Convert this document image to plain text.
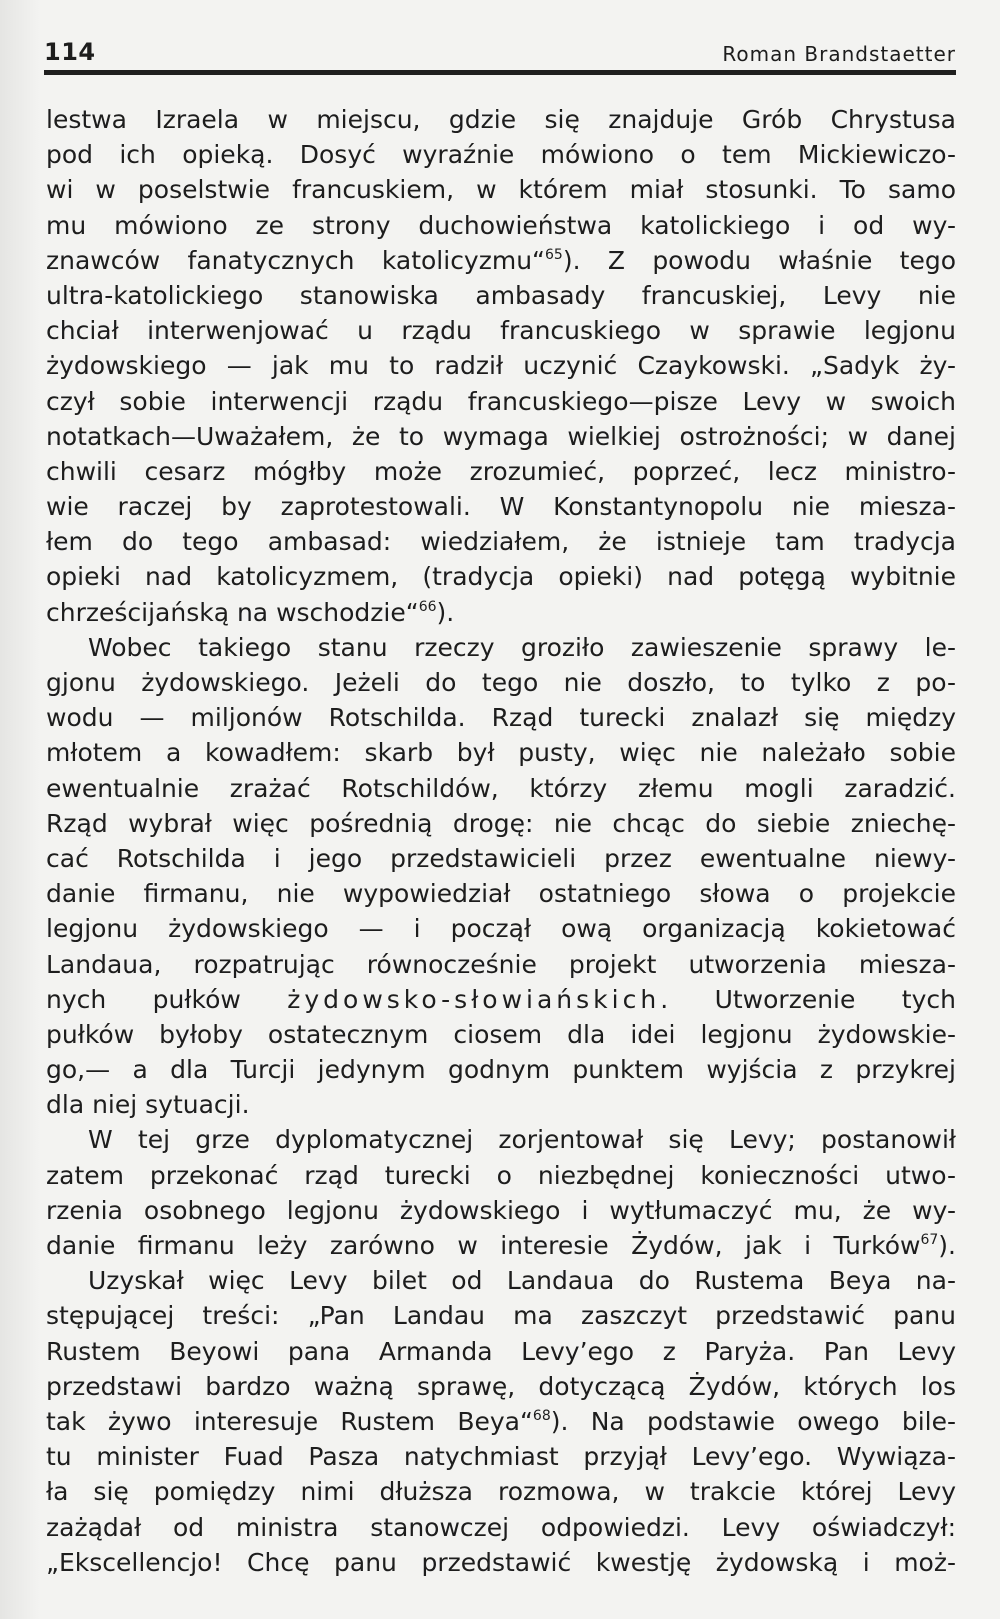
114	Roman Brandstaetter
lestwa Izraela w miejscu, gdzie się znajduje Grób Chrystusa
pod ich opieką. Dosyć wyraźnie mówiono o tem Mickiewiczo-
wi w poselstwie francuskiem, w którem miał stosunki. To samo
mu mówiono ze strony duchowieństwa katolickiego i od wy-
znawców fanatycznych katolicyzmu“$^{65}$). Z powodu właśnie tego
ultra-katolickiego stanowiska ambasady francuskiej, Levy nie
chciał interwenjować u rządu francuskiego w sprawie legjonu
żydowskiego — jak mu to radził uczynić Czaykowski. „Sadyk ży-
czył sobie interwencji rządu francuskiego—pisze Levy w swoich
notatkach—Uważałem, że to wymaga wielkiej ostrożności; w danej
chwili cesarz mógłby może zrozumieć, poprzeć, lecz ministro-
wie raczej by zaprotestowali. W Konstantynopolu nie miesza-
łem do tego ambasad: wiedziałem, że istnieje tam tradycja
opieki nad katolicyzmem, (tradycja opieki) nad potęgą wybitnie
chrześcijańską na wschodzie“$^{66}$).
Wobec takiego stanu rzeczy groziło zawieszenie sprawy le-
gjonu żydowskiego. Jeżeli do tego nie doszło, to tylko z po-
wodu — miljonów Rotschilda. Rząd turecki znalazł się między
młotem a kowadłem: skarb był pusty, więc nie należało sobie
ewentualnie zrażać Rotschildów, którzy złemu mogli zaradzić.
Rząd wybrał więc pośrednią drogę: nie chcąc do siebie zniechę-
cać Rotschilda i jego przedstawicieli przez ewentualne niewy-
danie firmanu, nie wypowiedział ostatniego słowa o projekcie
legjonu żydowskiego — i począł ową organizacją kokietować
Landaua, rozpatrując równocześnie projekt utworzenia miesza-
nych pułków żydowsko-słowiańskich. Utworzenie tych
pułków byłoby ostatecznym ciosem dla idei legjonu żydowskie-
go,— a dla Turcji jedynym godnym punktem wyjścia z przykrej
dla niej sytuacji.
W tej grze dyplomatycznej zorjentował się Levy; postanowił
zatem przekonać rząd turecki o niezbędnej konieczności utwo-
rzenia osobnego legjonu żydowskiego i wytłumaczyć mu, że wy-
danie firmanu leży zarówno w interesie Żydów, jak i Turków$^{67}$).
Uzyskał więc Levy bilet od Landaua do Rustema Beya na-
stępującej treści: „Pan Landau ma zaszczyt przedstawić panu
Rustem Beyowi pana Armanda Levy’ego z Paryża. Pan Levy
przedstawi bardzo ważną sprawę, dotyczącą Żydów, których los
tak żywo interesuje Rustem Beya“$^{68}$). Na podstawie owego bile-
tu minister Fuad Pasza natychmiast przyjął Levy’ego. Wywiąza-
ła się pomiędzy nimi dłuższa rozmowa, w trakcie której Levy
zażądał od ministra stanowczej odpowiedzi. Levy oświadczył:
„Ekscellencjo! Chcę panu przedstawić kwestję żydowską i moż-
